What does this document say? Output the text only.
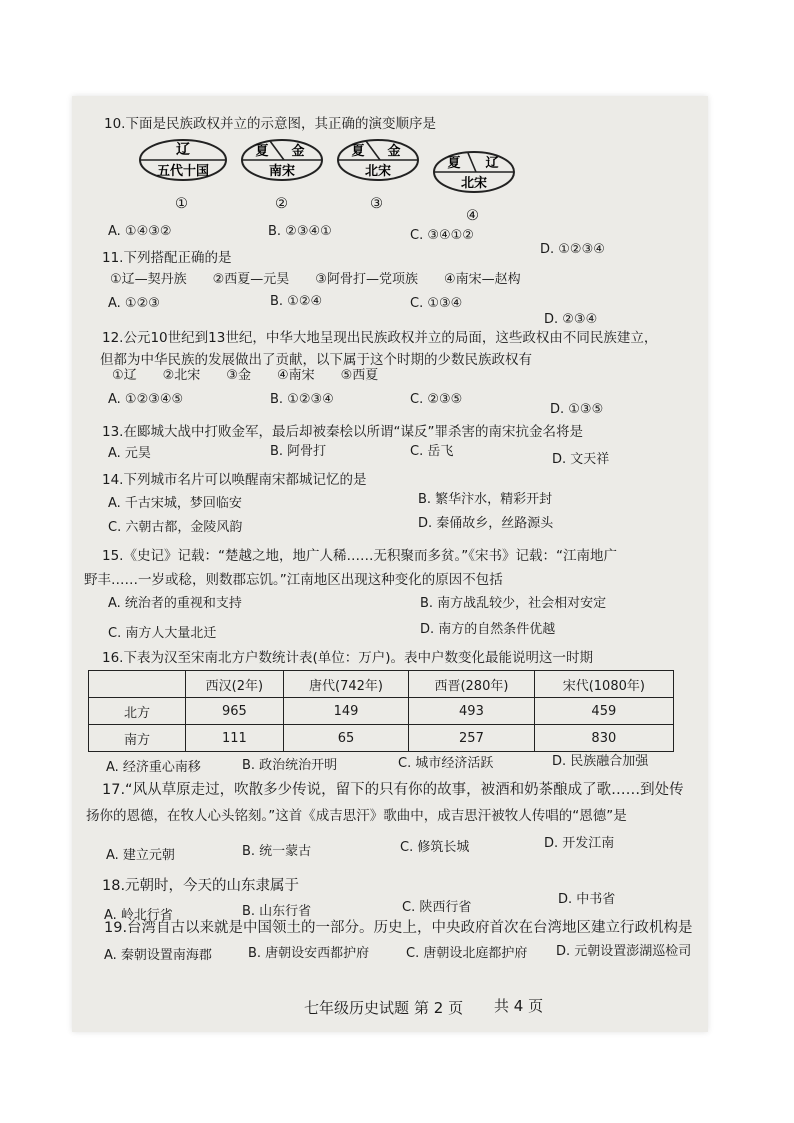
10.下面是民族政权并立的示意图，其正确的演变顺序是
辽
五代十国
①
夏 金
南宋
②
夏 金
北宋
③
夏 辽
北宋
④
A. ①④③②	B. ②③④①	C. ③④①②
D. ①②③④
11.下列搭配正确的是
①辽—契丹族　　②西夏—元昊　　③阿骨打—党项族　　④南宋—赵构
A. ①②③	B. ①②④	C. ①③④
D. ②③④
12.公元10世纪到13世纪，中华大地呈现出民族政权并立的局面，这些政权由不同民族建立，
但都为中华民族的发展做出了贡献，以下属于这个时期的少数民族政权有
①辽　　②北宋　　③金　　④南宋　　⑤西夏
A. ①②③④⑤	B. ①②③④	C. ②③⑤
D. ①③⑤
13.在郾城大战中打败金军，最后却被秦桧以所谓“谋反”罪杀害的南宋抗金名将是
A. 元昊	B. 阿骨打	C. 岳飞
D. 文天祥
14.下列城市名片可以唤醒南宋都城记忆的是
A. 千古宋城，梦回临安	B. 繁华汴水，精彩开封
C. 六朝古都，金陵风韵	D. 秦俑故乡，丝路源头
15.《史记》记载：“楚越之地，地广人稀……无积聚而多贫。”《宋书》记载：“江南地广
野丰……一岁或稔，则数郡忘饥。”江南地区出现这种变化的原因不包括
A. 统治者的重视和支持	B. 南方战乱较少，社会相对安定
C. 南方人大量北迁	D. 南方的自然条件优越
16.下表为汉至宋南北方户数统计表(单位：万户)。表中户数变化最能说明这一时期
	西汉(2年)	唐代(742年)	西晋(280年)	宋代(1080年)
北方	965	149	493	459
南方	111	65	257	830
A. 经济重心南移	B. 政治统治开明	C. 城市经济活跃	D. 民族融合加强
17.“风从草原走过，吹散多少传说，留下的只有你的故事，被酒和奶茶酿成了歌……到处传
扬你的恩德，在牧人心头铭刻。”这首《成吉思汗》歌曲中，成吉思汗被牧人传唱的“恩德”是
A. 建立元朝	B. 统一蒙古	C. 修筑长城	D. 开发江南
18.元朝时，今天的山东隶属于
A. 岭北行省	B. 山东行省	C. 陕西行省
D. 中书省
19.台湾自古以来就是中国领土的一部分。历史上，中央政府首次在台湾地区建立行政机构是
A. 秦朝设置南海郡	B. 唐朝设安西都护府	C. 唐朝设北庭都护府 D. 元朝设置澎湖巡检司
七年级历史试题 第 2 页 共 4 页
